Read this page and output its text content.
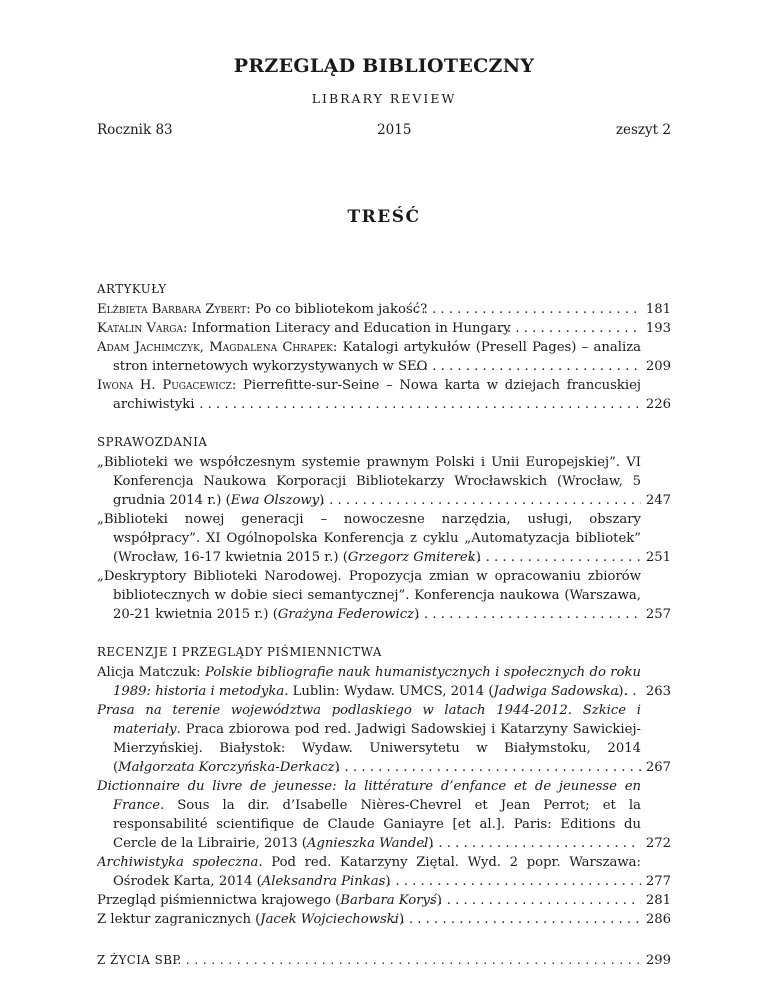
PRZEGLĄD BIBLIOTECZNY
LIBRARY REVIEW
Rocznik 83	2015	zeszyt 2
TREŚĆ
ARTYKUŁY
Elżbieta Barbara Zybert: Po co bibliotekom jakość? . . .	181
Katalin Varga: Information Literacy and Education in Hungary . . .	193
Adam Jachimczyk, Magdalena Chrapek: Katalogi artykułów (Presell Pages) – analiza stron internetowych wykorzystywanych w SEO . . .	209
Iwona H. Pugacewicz: Pierrefitte-sur-Seine – Nowa karta w dziejach francuskiej archiwistyki . . .	226
SPRAWOZDANIA
„Biblioteki we współczesnym systemie prawnym Polski i Unii Europejskiej”. VI Konferencja Naukowa Korporacji Bibliotekarzy Wrocławskich (Wrocław, 5 grudnia 2014 r.) (Ewa Olszowy) . . .	247
„Biblioteki nowej generacji – nowoczesne narzędzia, usługi, obszary współpracy”. XI Ogólnopolska Konferencja z cyklu „Automatyzacja bibliotek” (Wrocław, 16-17 kwietnia 2015 r.) (Grzegorz Gmiterek) . . .	251
„Deskryptory Biblioteki Narodowej. Propozycja zmian w opracowaniu zbiorów bibliotecznych w dobie sieci semantycznej”. Konferencja naukowa (Warszawa, 20-21 kwietnia 2015 r.) (Grażyna Federowicz) . . .	257
RECENZJE I PRZEGLĄDY PIŚMIENNICTWA
Alicja Matczuk: Polskie bibliografie nauk humanistycznych i społecznych do roku 1989: historia i metodyka. Lublin: Wydaw. UMCS, 2014 (Jadwiga Sadowska). . . .	263
Prasa na terenie województwa podlaskiego w latach 1944-2012. Szkice i materiały. Praca zbiorowa pod red. Jadwigi Sadowskiej i Katarzyny Sawickiej-Mierzyńskiej. Białystok: Wydaw. Uniwersytetu w Białymstoku, 2014 (Małgorzata Korczyńska-Derkacz) . . .	267
Dictionnaire du livre de jeunesse: la littérature d’enfance et de jeunesse en France. Sous la dir. d’Isabelle Nières-Chevrel et Jean Perrot; et la responsabilité scientifique de Claude Ganiayre [et al.]. Paris: Editions du Cercle de la Librairie, 2013 (Agnieszka Wandel) . . .	272
Archiwistyka społeczna. Pod red. Katarzyny Ziętal. Wyd. 2 popr. Warszawa: Ośrodek Karta, 2014 (Aleksandra Pinkas) . . .	277
Przegląd piśmiennictwa krajowego (Barbara Koryś) . . .	281
Z lektur zagranicznych (Jacek Wojciechowski) . . .	286
Z ŻYCIA SBP . . .	299
